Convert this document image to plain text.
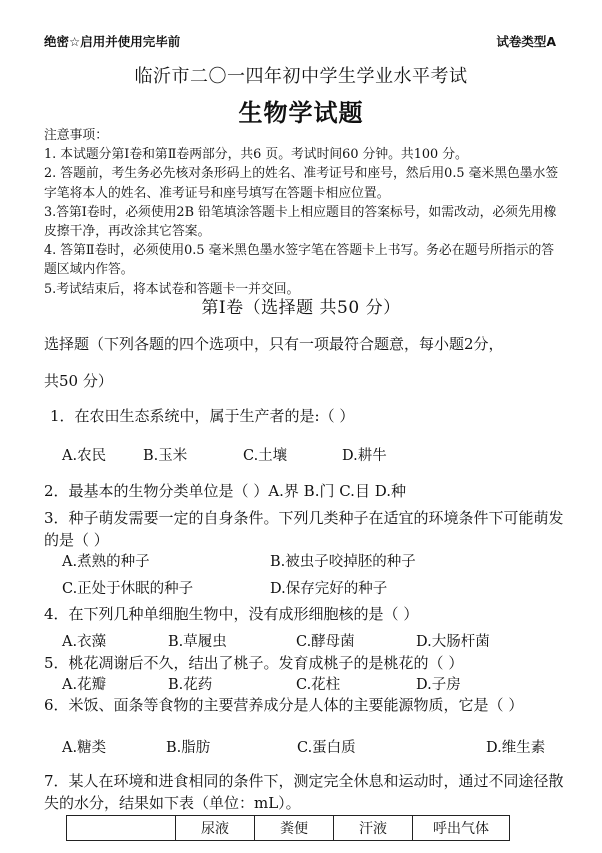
绝密☆启用并使用完毕前	试卷类型A
临沂市二〇一四年初中学生学业水平考试
生物学试题
注意事项：
1. 本试题分第Ⅰ卷和第Ⅱ卷两部分，共6 页。考试时间60 分钟。共100 分。
2. 答题前，考生务必先核对条形码上的姓名、准考证号和座号，然后用0.5 毫米黑色墨水签字笔将本人的姓名、准考证号和座号填写在答题卡相应位置。
3.答第Ⅰ卷时，必须使用2B 铅笔填涂答题卡上相应题目的答案标号，如需改动，必须先用橡皮擦干净，再改涂其它答案。
4. 答第Ⅱ卷时，必须使用0.5 毫米黑色墨水签字笔在答题卡上书写。务必在题号所指示的答题区域内作答。
5.考试结束后，将本试卷和答题卡一并交回。
第Ⅰ卷（选择题 共50 分）
选择题（下列各题的四个选项中，只有一项最符合题意，每小题2分，
共50 分）
1．在农田生态系统中，属于生产者的是:（ ）
A.农民	B.玉米	C.土壤	D.耕牛
2．最基本的生物分类单位是（ ）A.界 B.门 C.目 D.种
3．种子萌发需要一定的自身条件。下列几类种子在适宜的环境条件下可能萌发的是（ ）
A.煮熟的种子	B.被虫子咬掉胚的种子
C.正处于休眠的种子	D.保存完好的种子
4．在下列几种单细胞生物中，没有成形细胞核的是（ ）
A.衣藻	B.草履虫	C.酵母菌	D.大肠杆菌
5．桃花凋谢后不久，结出了桃子。发育成桃子的是桃花的（ ）
A.花瓣	B.花药	C.花柱	D.子房
6．米饭、面条等食物的主要营养成分是人体的主要能源物质，它是（ ）
A.糖类	B.脂肪	C.蛋白质	D.维生素
7．某人在环境和进食相同的条件下，测定完全休息和运动时，通过不同途径散失的水分，结果如下表（单位：mL）。
	尿液	粪便	汗液	呼出气体
